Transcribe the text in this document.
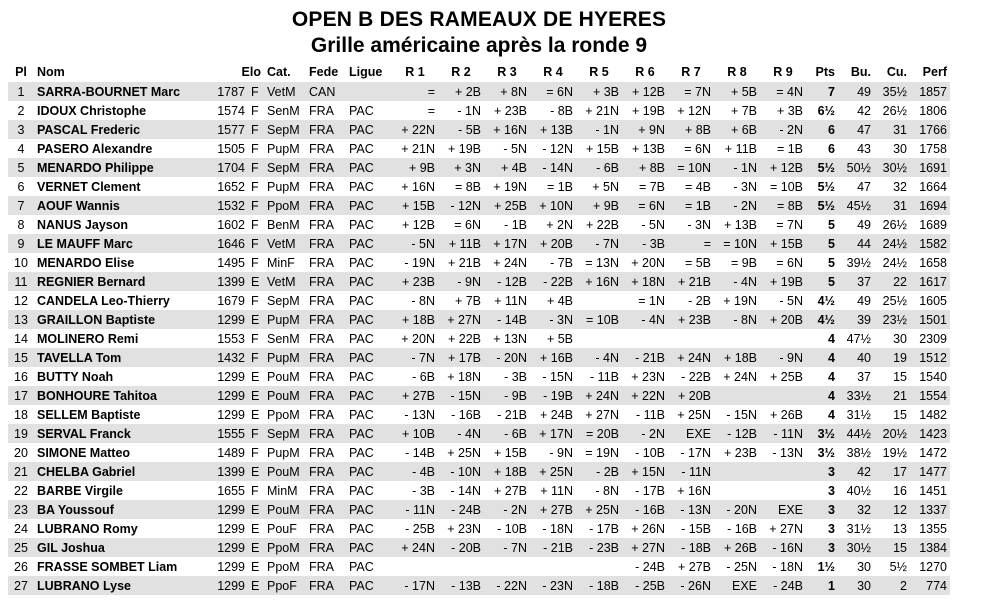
OPEN B DES RAMEAUX DE HYERES
Grille américaine après la ronde 9
Pl	Nom	Elo		Cat.	Fede	Ligue	R 1	R 2	R 3	R 4	R 5	R 6	R 7	R 8	R 9	Pts	Bu.	Cu.	Perf
1	SARRA-BOURNET Marc	1787	F	VetM	CAN		=	+ 2B	+ 8N	= 6N	+ 3B	+ 12B	= 7N	+ 5B	= 4N	7	49	35½	1857
2	IDOUX Christophe	1574	F	SenM	FRA	PAC	=	- 1N	+ 23B	- 8B	+ 21N	+ 19B	+ 12N	+ 7B	+ 3B	6½	42	26½	1806
3	PASCAL Frederic	1577	F	SepM	FRA	PAC	+ 22N	- 5B	+ 16N	+ 13B	- 1N	+ 9N	+ 8B	+ 6B	- 2N	6	47	31	1766
4	PASERO Alexandre	1505	F	PupM	FRA	PAC	+ 21N	+ 19B	- 5N	- 12N	+ 15B	+ 13B	= 6N	+ 11B	= 1B	6	43	30	1758
5	MENARDO Philippe	1704	F	SepM	FRA	PAC	+ 9B	+ 3N	+ 4B	- 14N	- 6B	+ 8B	= 10N	- 1N	+ 12B	5½	50½	30½	1691
6	VERNET Clement	1652	F	PupM	FRA	PAC	+ 16N	= 8B	+ 19N	= 1B	+ 5N	= 7B	= 4B	- 3N	= 10B	5½	47	32	1664
7	AOUF Wannis	1532	F	PpoM	FRA	PAC	+ 15B	- 12N	+ 25B	+ 10N	+ 9B	= 6N	= 1B	- 2N	= 8B	5½	45½	31	1694
8	NANUS Jayson	1602	F	BenM	FRA	PAC	+ 12B	= 6N	- 1B	+ 2N	+ 22B	- 5N	- 3N	+ 13B	= 7N	5	49	26½	1689
9	LE MAUFF Marc	1646	F	VetM	FRA	PAC	- 5N	+ 11B	+ 17N	+ 20B	- 7N	- 3B	=	= 10N	+ 15B	5	44	24½	1582
10	MENARDO Elise	1495	F	MinF	FRA	PAC	- 19N	+ 21B	+ 24N	- 7B	= 13N	+ 20N	= 5B	= 9B	= 6N	5	39½	24½	1658
11	REGNIER Bernard	1399	E	VetM	FRA	PAC	+ 23B	- 9N	- 12B	- 22B	+ 16N	+ 18N	+ 21B	- 4N	+ 19B	5	37	22	1617
12	CANDELA Leo-Thierry	1679	F	SepM	FRA	PAC	- 8N	+ 7B	+ 11N	+ 4B		= 1N	- 2B	+ 19N	- 5N	4½	49	25½	1605
13	GRAILLON Baptiste	1299	E	PupM	FRA	PAC	+ 18B	+ 27N	- 14B	- 3N	= 10B	- 4N	+ 23B	- 8N	+ 20B	4½	39	23½	1501
14	MOLINERO Remi	1553	F	SenM	FRA	PAC	+ 20N	+ 22B	+ 13N	+ 5B						4	47½	30	2309
15	TAVELLA Tom	1432	F	PupM	FRA	PAC	- 7N	+ 17B	- 20N	+ 16B	- 4N	- 21B	+ 24N	+ 18B	- 9N	4	40	19	1512
16	BUTTY Noah	1299	E	PouM	FRA	PAC	- 6B	+ 18N	- 3B	- 15N	- 11B	+ 23N	- 22B	+ 24N	+ 25B	4	37	15	1540
17	BONHOURE Tahitoa	1299	E	PouM	FRA	PAC	+ 27B	- 15N	- 9B	- 19B	+ 24N	+ 22N	+ 20B			4	33½	21	1554
18	SELLEM Baptiste	1299	E	PpoM	FRA	PAC	- 13N	- 16B	- 21B	+ 24B	+ 27N	- 11B	+ 25N	- 15N	+ 26B	4	31½	15	1482
19	SERVAL Franck	1555	F	SepM	FRA	PAC	+ 10B	- 4N	- 6B	+ 17N	= 20B	- 2N	EXE	- 12B	- 11N	3½	44½	20½	1423
20	SIMONE Matteo	1489	F	PupM	FRA	PAC	- 14B	+ 25N	+ 15B	- 9N	= 19N	- 10B	- 17N	+ 23B	- 13N	3½	38½	19½	1472
21	CHELBA Gabriel	1399	E	PouM	FRA	PAC	- 4B	- 10N	+ 18B	+ 25N	- 2B	+ 15N	- 11N			3	42	17	1477
22	BARBE Virgile	1655	F	MinM	FRA	PAC	- 3B	- 14N	+ 27B	+ 11N	- 8N	- 17B	+ 16N			3	40½	16	1451
23	BA Youssouf	1299	E	PouM	FRA	PAC	- 11N	- 24B	- 2N	+ 27B	+ 25N	- 16B	- 13N	- 20N	EXE	3	32	12	1337
24	LUBRANO Romy	1299	E	PouF	FRA	PAC	- 25B	+ 23N	- 10B	- 18N	- 17B	+ 26N	- 15B	- 16B	+ 27N	3	31½	13	1355
25	GIL Joshua	1299	E	PpoM	FRA	PAC	+ 24N	- 20B	- 7N	- 21B	- 23B	+ 27N	- 18B	+ 26B	- 16N	3	30½	15	1384
26	FRASSE SOMBET Liam	1299	E	PpoM	FRA	PAC						- 24B	+ 27B	- 25N	- 18N	1½	30	5½	1270
27	LUBRANO Lyse	1299	E	PpoF	FRA	PAC	- 17N	- 13B	- 22N	- 23N	- 18B	- 25B	- 26N	EXE	- 24B	1	30	2	774
